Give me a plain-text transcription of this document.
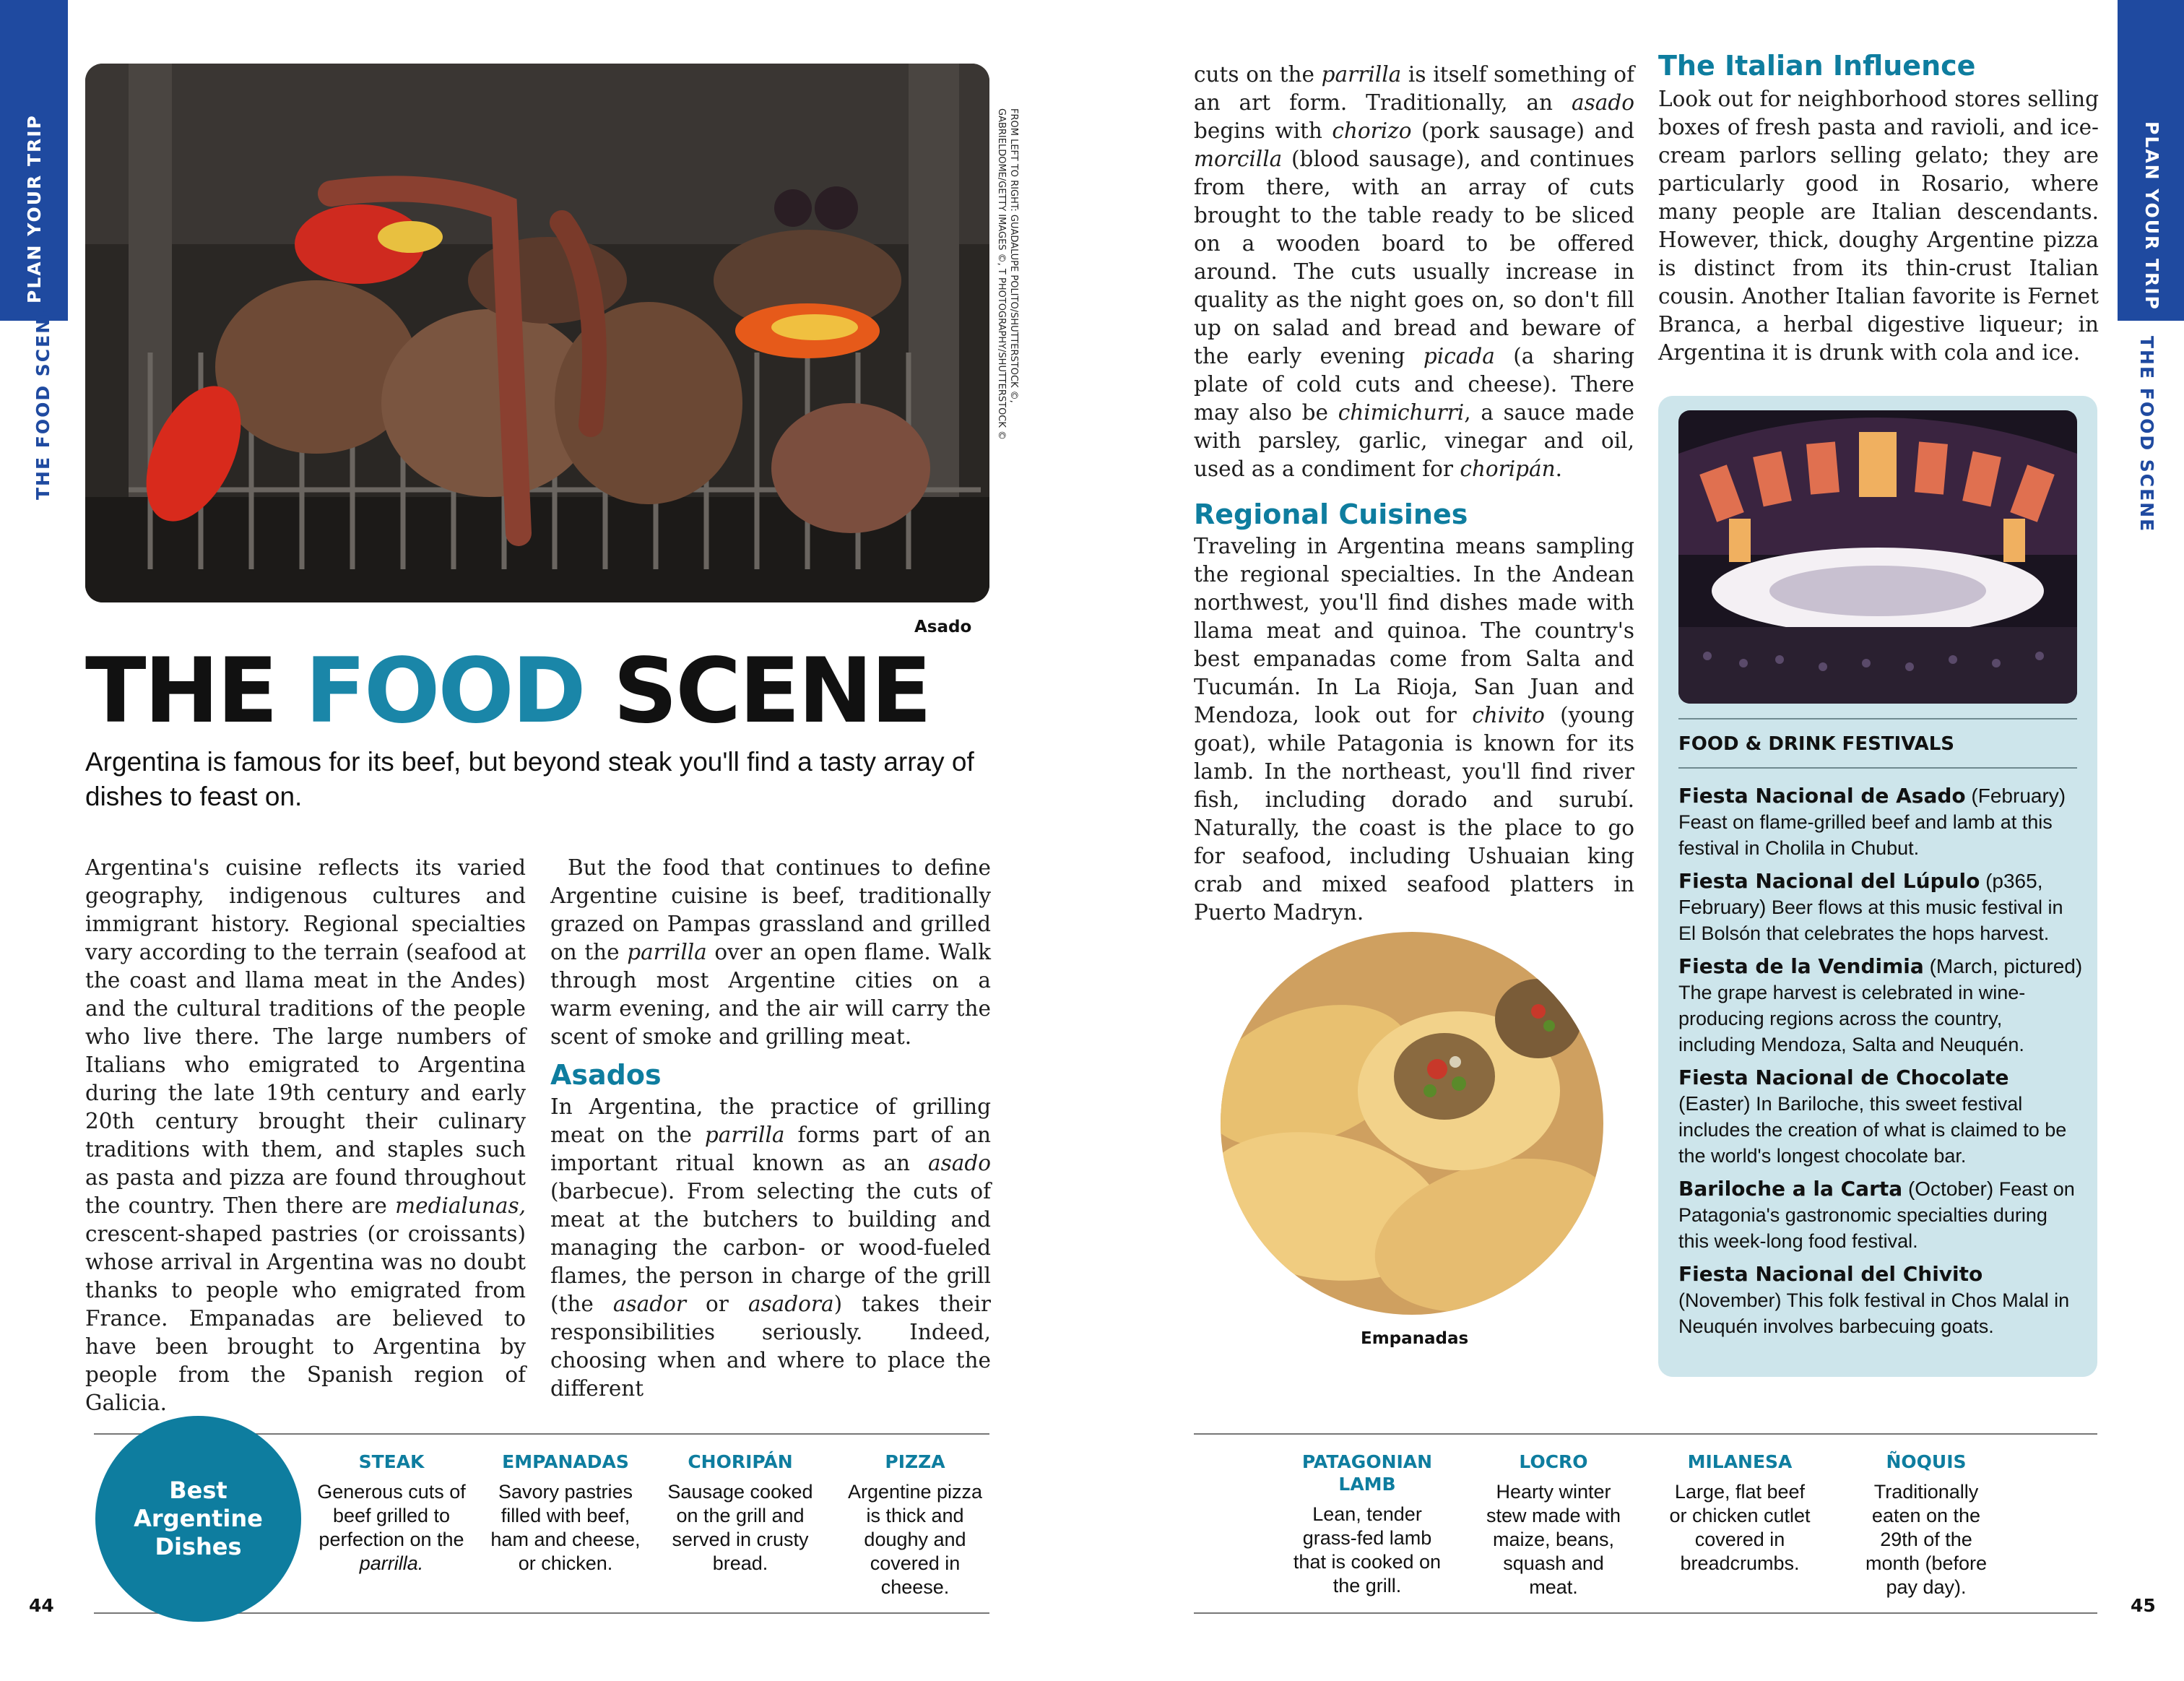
PLAN YOUR TRIP
THE FOOD SCENE
PLAN YOUR TRIP
THE FOOD SCENE
FROM LEFT TO RIGHT: GUADALUPE POLITO/SHUTTERSTOCK ©,
GABRIELDOME/GETTY IMAGES ©, T PHOTOGRAPHY/SHUTTERSTOCK ©
Asado
THE FOOD SCENE
Argentina is famous for its beef, but beyond steak you'll find a tasty array of dishes to feast on.

Argentina's cuisine reflects its varied geography, indigenous cultures and immigrant history. Regional specialties vary according to the terrain (seafood at the coast and llama meat in the Andes) and the cultural traditions of the people who live there. The large numbers of Italians who emigrated to Argentina during the late 19th century and early 20th century brought their culinary traditions with them, and staples such as pasta and pizza are found throughout the country. Then there are medialunas, crescent-shaped pastries (or croissants) whose arrival in Argentina was no doubt thanks to people who emigrated from France. Empanadas are believed to have been brought to Argentina by people from the Spanish region of Galicia.

But the food that continues to define Argentine cuisine is beef, traditionally grazed on Pampas grassland and grilled on the parrilla over an open flame. Walk through most Argentine cities on a warm evening, and the air will carry the scent of smoke and grilling meat.

Asados

In Argentina, the practice of grilling meat on the parrilla forms part of an important ritual known as an asado (barbecue). From selecting the cuts of meat at the butchers to building and managing the carbon- or wood-fueled flames, the person in charge of the grill (the asador or asadora) takes their responsibilities seriously. Indeed, choosing when and where to place the different

cuts on the parrilla is itself something of an art form. Traditionally, an asado begins with chorizo (pork sausage) and morcilla (blood sausage), and continues from there, with an array of cuts brought to the table ready to be sliced on a wooden board to be offered around. The cuts usually increase in quality as the night goes on, so don't fill up on salad and bread and beware of the early evening picada (a sharing plate of cold cuts and cheese). There may also be chimichurri, a sauce made with parsley, garlic, vinegar and oil, used as a condiment for choripán.

Regional Cuisines

Traveling in Argentina means sampling the regional specialties. In the Andean northwest, you'll find dishes made with llama meat and quinoa. The country's best empanadas come from Salta and Tucumán. In La Rioja, San Juan and Mendoza, look out for chivito (young goat), while Patagonia is known for its lamb. In the northeast, you'll find river fish, including dorado and surubí. Naturally, the coast is the place to go for seafood, including Ushuaian king crab and mixed seafood platters in Puerto Madryn.

Empanadas
The Italian Influence

Look out for neighborhood stores selling boxes of fresh pasta and ravioli, and ice-cream parlors selling gelato; they are particularly good in Rosario, where many people are Italian descendants. However, thick, doughy Argentine pizza is distinct from its thin-crust Italian cousin. Another Italian favorite is Fernet Branca, a herbal digestive liqueur; in Argentina it is drunk with cola and ice.

FOOD & DRINK FESTIVALS
Fiesta Nacional de Asado (February) Feast on flame-grilled beef and lamb at this festival in Cholila in Chubut.
Fiesta Nacional del Lúpulo (p365, February) Beer flows at this music festival in El Bolsón that celebrates the hops harvest.
Fiesta de la Vendimia (March, pictured) The grape harvest is celebrated in wine-producing regions across the country, including Mendoza, Salta and Neuquén.
Fiesta Nacional de Chocolate (Easter) In Bariloche, this sweet festival includes the creation of what is claimed to be the world's longest chocolate bar.
Bariloche a la Carta (October) Feast on Patagonia's gastronomic specialties during this week-long food festival.
Fiesta Nacional del Chivito
(November) This folk festival in Chos Malal in Neuquén involves barbecuing goats.
Best Argentine Dishes
STEAK
Generous cuts of beef grilled to perfection on the parrilla.
EMPANADAS
Savory pastries filled with beef, ham and cheese, or chicken.
CHORIPÁN
Sausage cooked on the grill and served in crusty bread.
PIZZA
Argentine pizza is thick and doughy and covered in cheese.
PATAGONIAN LAMB
Lean, tender grass-fed lamb that is cooked on the grill.
LOCRO
Hearty winter stew made with maize, beans, squash and meat.
MILANESA
Large, flat beef or chicken cutlet covered in breadcrumbs.
ÑOQUIS
Traditionally eaten on the 29th of the month (before pay day).
44	45
